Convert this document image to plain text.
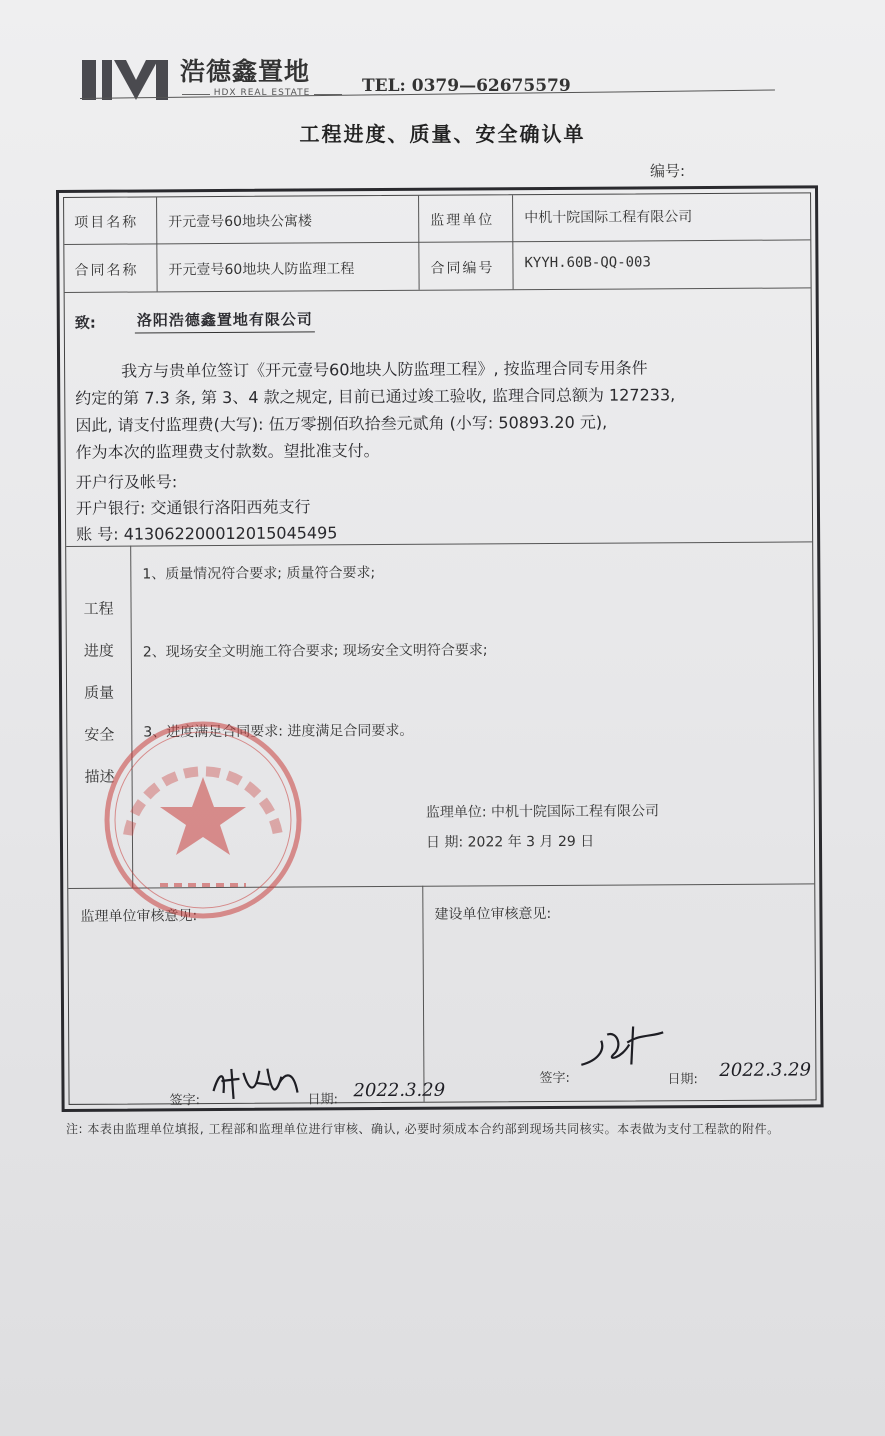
浩德鑫置地
HDX REAL ESTATE	TEL: 0379—62675579
工程进度、质量、安全确认单
编号:
项目名称 开元壹号60地块公寓楼	监理单位 中机十院国际工程有限公司
合同名称 开元壹号60地块人防监理工程	合同编号 KYYH.60B-QQ-003
致:	洛阳浩德鑫置地有限公司
我方与贵单位签订《开元壹号60地块人防监理工程》, 按监理合同专用条件
约定的第 7.3 条, 第 3、4 款之规定, 目前已通过竣工验收, 监理合同总额为 127233,
因此, 请支付监理费(大写): 伍万零捌佰玖拾叁元贰角 (小写: 50893.20 元),
作为本次的监理费支付款数。望批准支付。
开户行及帐号:
开户银行: 交通银行洛阳西苑支行
账 号: 413062200012015045495
工程
进度
质量
安全
描述
1、质量情况符合要求; 质量符合要求;
2、现场安全文明施工符合要求; 现场安全文明符合要求;
3、进度满足合同要求: 进度满足合同要求。
监理单位: 中机十院国际工程有限公司
日 期: 2022 年 3 月 29 日
监理单位审核意见:	建设单位审核意见:
签字:	日期: 2022.3.29
签字:	日期: 2022.3.29
注: 本表由监理单位填报, 工程部和监理单位进行审核、确认, 必要时须成本合约部到现场共同核实。本表做为支付工程款的附件。
